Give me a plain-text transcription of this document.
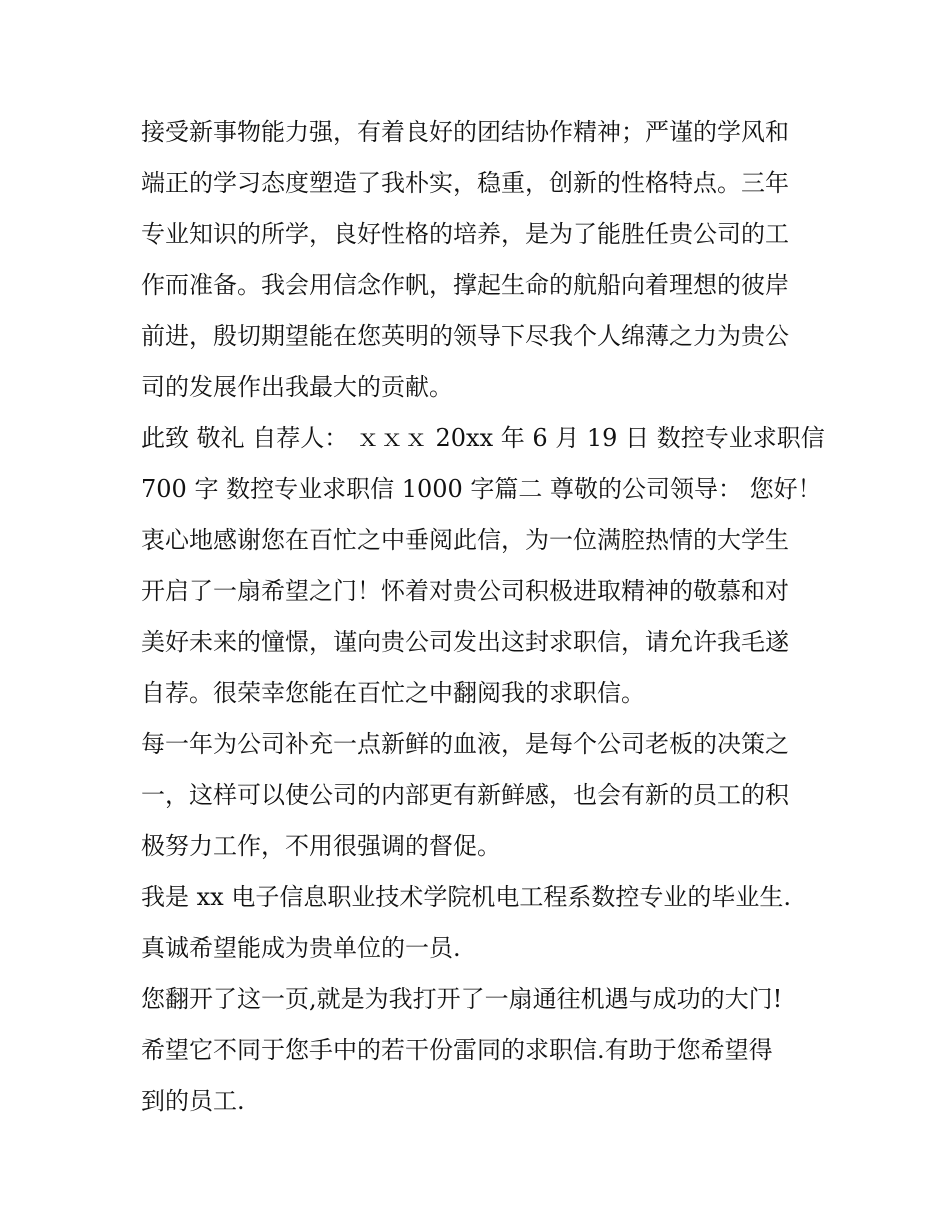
接受新事物能力强，有着良好的团结协作精神；严谨的学风和
端正的学习态度塑造了我朴实，稳重，创新的性格特点。三年
专业知识的所学，良好性格的培养，是为了能胜任贵公司的工
作而准备。我会用信念作帆，撑起生命的航船向着理想的彼岸
前进，殷切期望能在您英明的领导下尽我个人绵薄之力为贵公
司的发展作出我最大的贡献。

此致 敬礼 自荐人： ｘｘｘ 20xx 年 6 月 19 日 数控专业求职信
700 字 数控专业求职信 1000 字篇二 尊敬的公司领导： 您好！
衷心地感谢您在百忙之中垂阅此信，为一位满腔热情的大学生
开启了一扇希望之门！怀着对贵公司积极进取精神的敬慕和对
美好未来的憧憬，谨向贵公司发出这封求职信，请允许我毛遂
自荐。很荣幸您能在百忙之中翻阅我的求职信。

每一年为公司补充一点新鲜的血液，是每个公司老板的决策之
一，这样可以使公司的内部更有新鲜感，也会有新的员工的积
极努力工作，不用很强调的督促。

我是 xx 电子信息职业技术学院机电工程系数控专业的毕业生.
真诚希望能成为贵单位的一员.

您翻开了这一页,就是为我打开了一扇通往机遇与成功的大门!
希望它不同于您手中的若干份雷同的求职信.有助于您希望得
到的员工.
